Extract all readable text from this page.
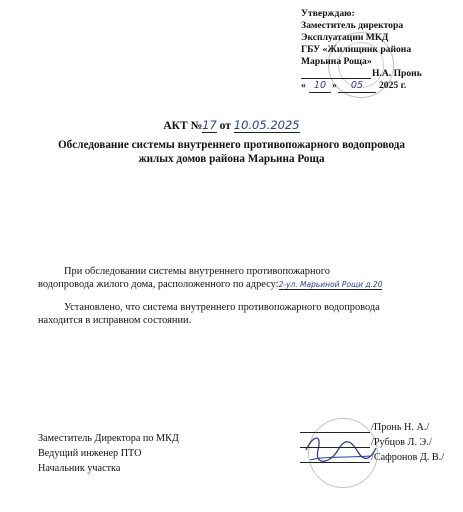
Утверждаю:
Заместитель директора
Эксплуатации МКД
ГБУ «Жилищник района
Марьина Роща»
Н.А. Пронь
« 10 »	05	2025 г.
АКТ №17 от 10.05.2025
Обследование системы внутреннего противопожарного водопровода
жилых домов района Марьина Роща
При обследовании системы внутреннего противопожарного
водопровода жилого дома, расположенного по адресу:2-ул. Марьиной Рощи д.20
Установлено, что система внутреннего противопожарного водопровода
находится в исправном состоянии.
Заместитель Директора по МКД
Ведущий инженер ПТО
Начальник участка
/Пронь Н. А./
/Рубцов Л. Э./
/Сафронов Д. В./
